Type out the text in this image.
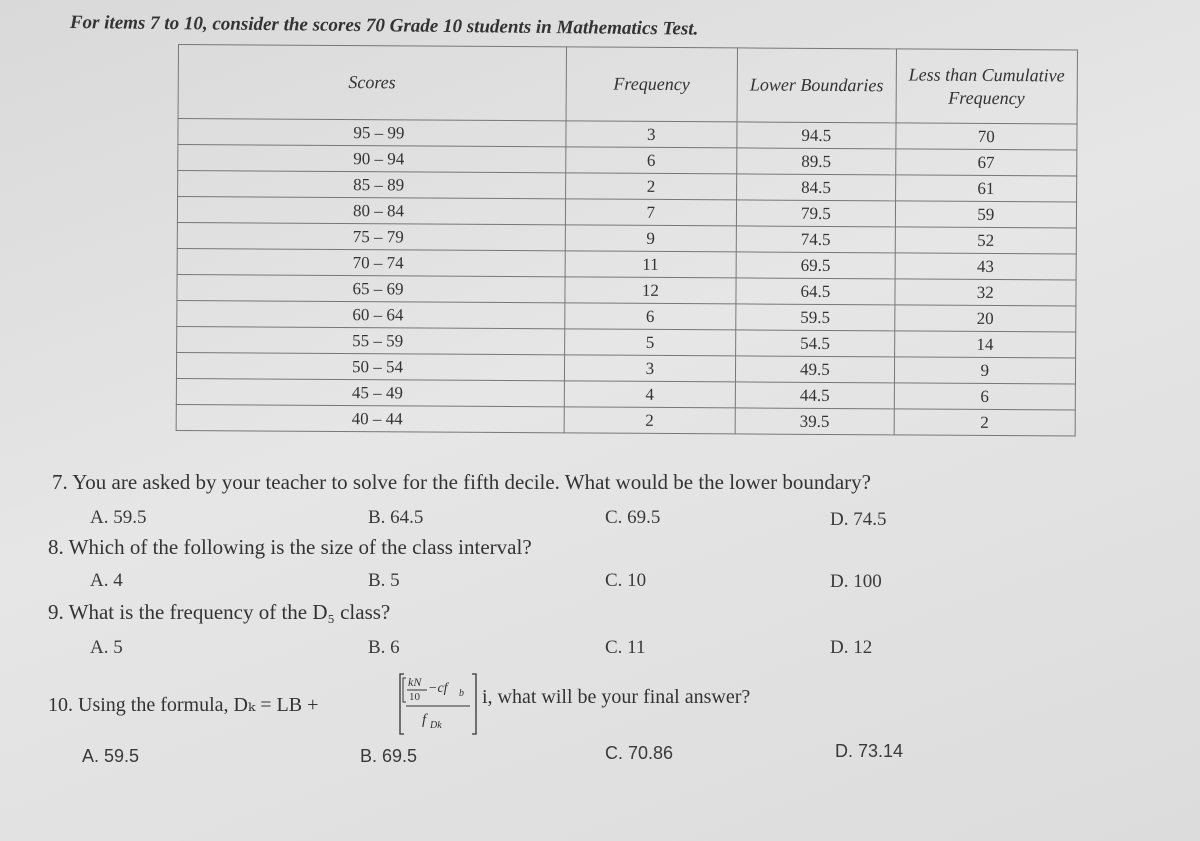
For items 7 to 10, consider the scores 70 Grade 10 students in Mathematics Test.
Scores	Frequency	Lower Boundaries	Less than Cumulative Frequency
95 – 99	3	94.5	70
90 – 94	6	89.5	67
85 – 89	2	84.5	61
80 – 84	7	79.5	59
75 – 79	9	74.5	52
70 – 74	11	69.5	43
65 – 69	12	64.5	32
60 – 64	6	59.5	20
55 – 59	5	54.5	14
50 – 54	3	49.5	9
45 – 49	4	44.5	6
40 – 44	2	39.5	2
7. You are asked by your teacher to solve for the fifth decile. What would be the lower boundary?
A. 59.5	B. 64.5	C. 69.5	D. 74.5
8. Which of the following is the size of the class interval?
A. 4	B. 5	C. 10	D. 100
9. What is the frequency of the D₅ class?
A. 5	B. 6	C. 11	D. 12
10. Using the formula, Dₖ = LB +
kN
10
−cf b
f Dk
i, what will be your final answer?
A. 59.5	B. 69.5	C. 70.86	D. 73.14
